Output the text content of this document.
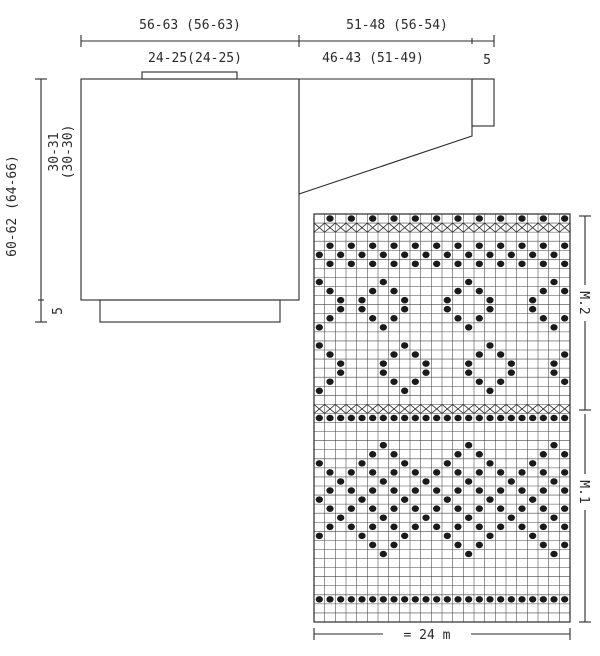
56-63 (56-63)
24-25(24-25)
51-48 (56-54)
46-43 (51-49)	5
60-62 (64-66)
30-31 (30-30)
5	M.2
M.1
= 24 m
